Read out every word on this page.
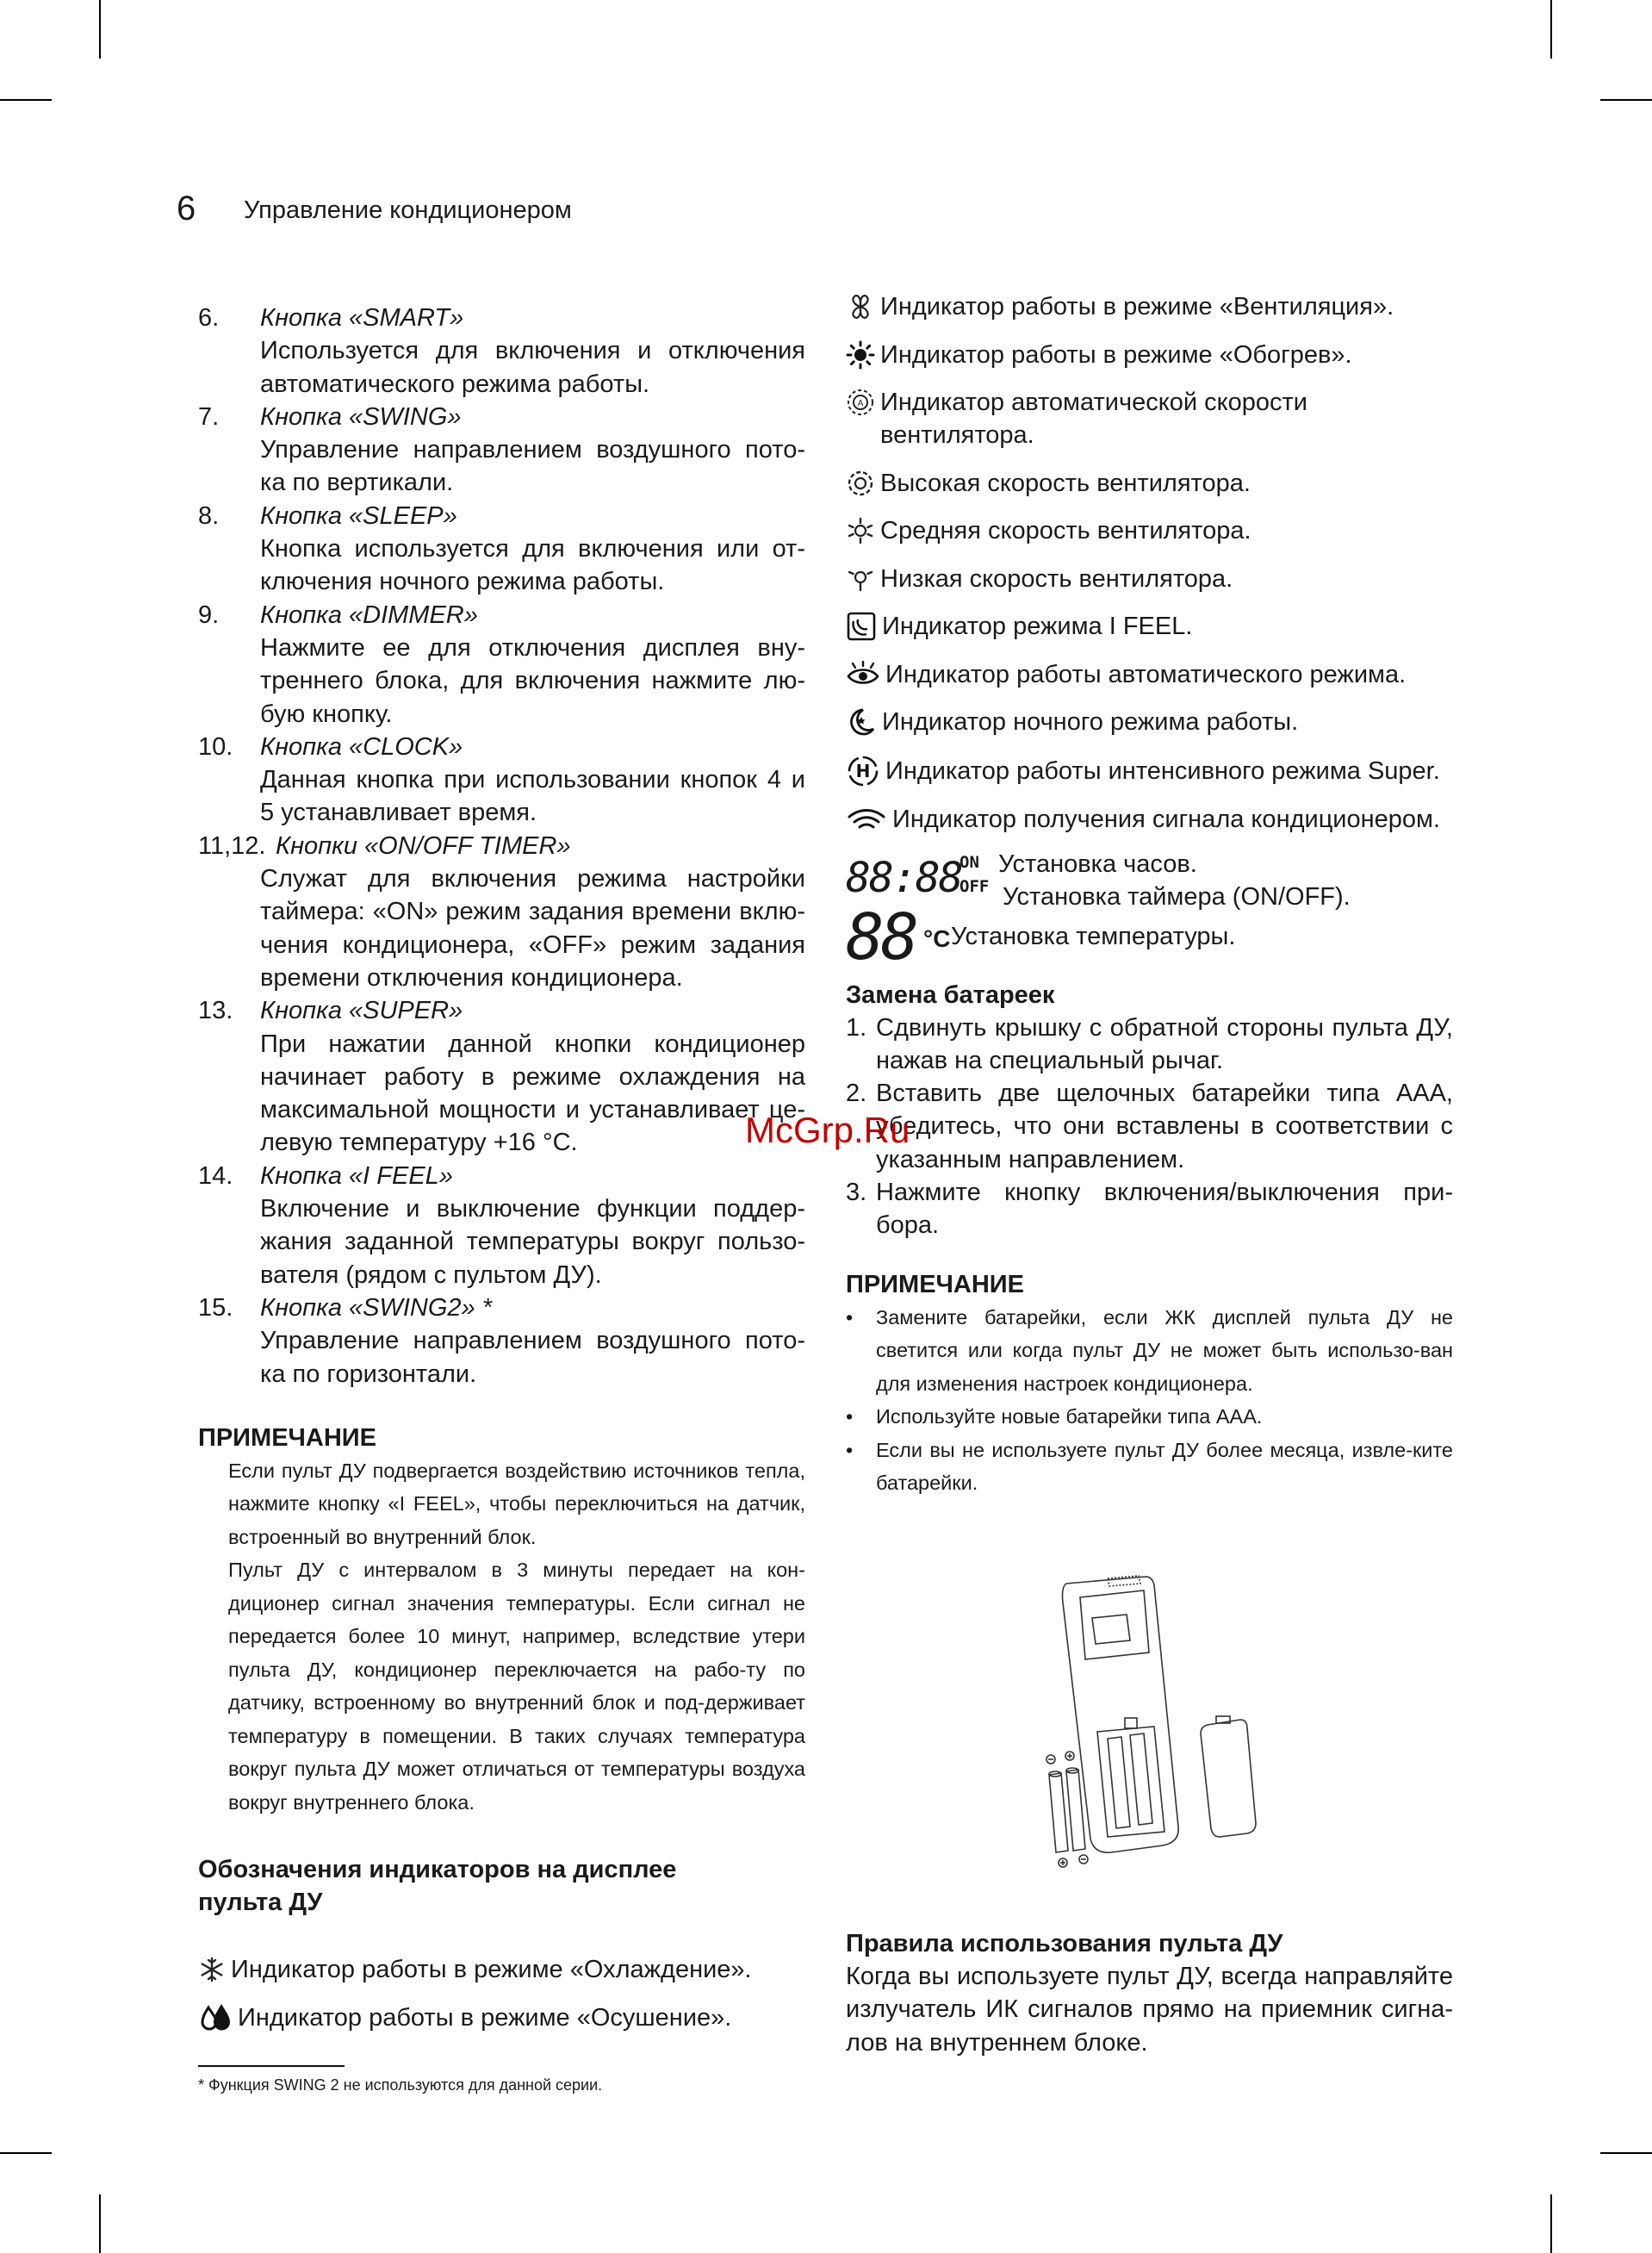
6 Управление кондиционером
6. Кнопка «SMART»
Используется для включения и отключения автоматического режима работы.
7. Кнопка «SWING»
Управление направлением воздушного пото-ка по вертикали.
8. Кнопка «SLEEP»
Кнопка используется для включения или от-ключения ночного режима работы.
9. Кнопка «DIMMER»
Нажмите ее для отключения дисплея вну-треннего блока, для включения нажмите лю-бую кнопку.
10. Кнопка «CLOCK»
Данная кнопка при использовании кнопок 4 и 5 устанавливает время.
11,12. Кнопки «ON/OFF TIMER»
Служат для включения режима настройки таймера: «ON» режим задания времени вклю-чения кондиционера, «OFF» режим задания времени отключения кондиционера.
13. Кнопка «SUPER»
При нажатии данной кнопки кондиционер начинает работу в режиме охлаждения на максимальной мощности и устанавливает це-левую температуру +16 °С.
14. Кнопка «I FEEL»
Включение и выключение функции поддер-жания заданной температуры вокруг пользо-вателя (рядом с пультом ДУ).
15. Кнопка «SWING2» *
Управление направлением воздушного пото-ка по горизонтали.
ПРИМЕЧАНИЕ

Если пульт ДУ подвергается воздействию источников тепла, нажмите кнопку «I FEEL», чтобы переключиться на датчик, встроенный во внутренний блок.

Пульт ДУ с интервалом в 3 минуты передает на кон-диционер сигнал значения температуры. Если сигнал не передается более 10 минут, например, вследствие утери пульта ДУ, кондиционер переключается на рабо-ту по датчику, встроенному во внутренний блок и под-держивает температуру в помещении. В таких случаях температура вокруг пульта ДУ может отличаться от температуры воздуха вокруг внутреннего блока.

Обозначения индикаторов на дисплее пульта ДУ
Индикатор работы в режиме «Охлаждение».
Индикатор работы в режиме «Осушение».
* Функция SWING 2 не используются для данной серии.
Индикатор работы в режиме «Вентиляция».
Индикатор работы в режиме «Обогрев».
A Индикатор автоматической скорости вентилятора.
Высокая скорость вентилятора.
Средняя скорость вентилятора.
Низкая скорость вентилятора.
Индикатор режима I FEEL.
Индикатор работы автоматического режима.
Индикатор ночного режима работы.
H Индикатор работы интенсивного режима Super.
Индикатор получения сигнала кондиционером.
88:88
ON
OFF
Установка часов.
Установка таймера (ON/OFF).
88 °C Установка температуры.
Замена батареек
1. Сдвинуть крышку с обратной стороны пульта ДУ, нажав на специальный рычаг.
2. Вставить две щелочных батарейки типа ААА, убедитесь, что они вставлены в соответствии с указанным направлением.
3. Нажмите кнопку включения/выключения при-бора.
ПРИМЕЧАНИЕ
• Замените батарейки, если ЖК дисплей пульта ДУ не светится или когда пульт ДУ не может быть использо-ван для изменения настроек кондиционера.
• Используйте новые батарейки типа ААА.
• Если вы не используете пульт ДУ более месяца, извле-ките батарейки.
Правила использования пульта ДУ
Когда вы используете пульт ДУ, всегда направляйте излучатель ИК сигналов прямо на приемник сигна-лов на внутреннем блоке.
McGrp.Ru
